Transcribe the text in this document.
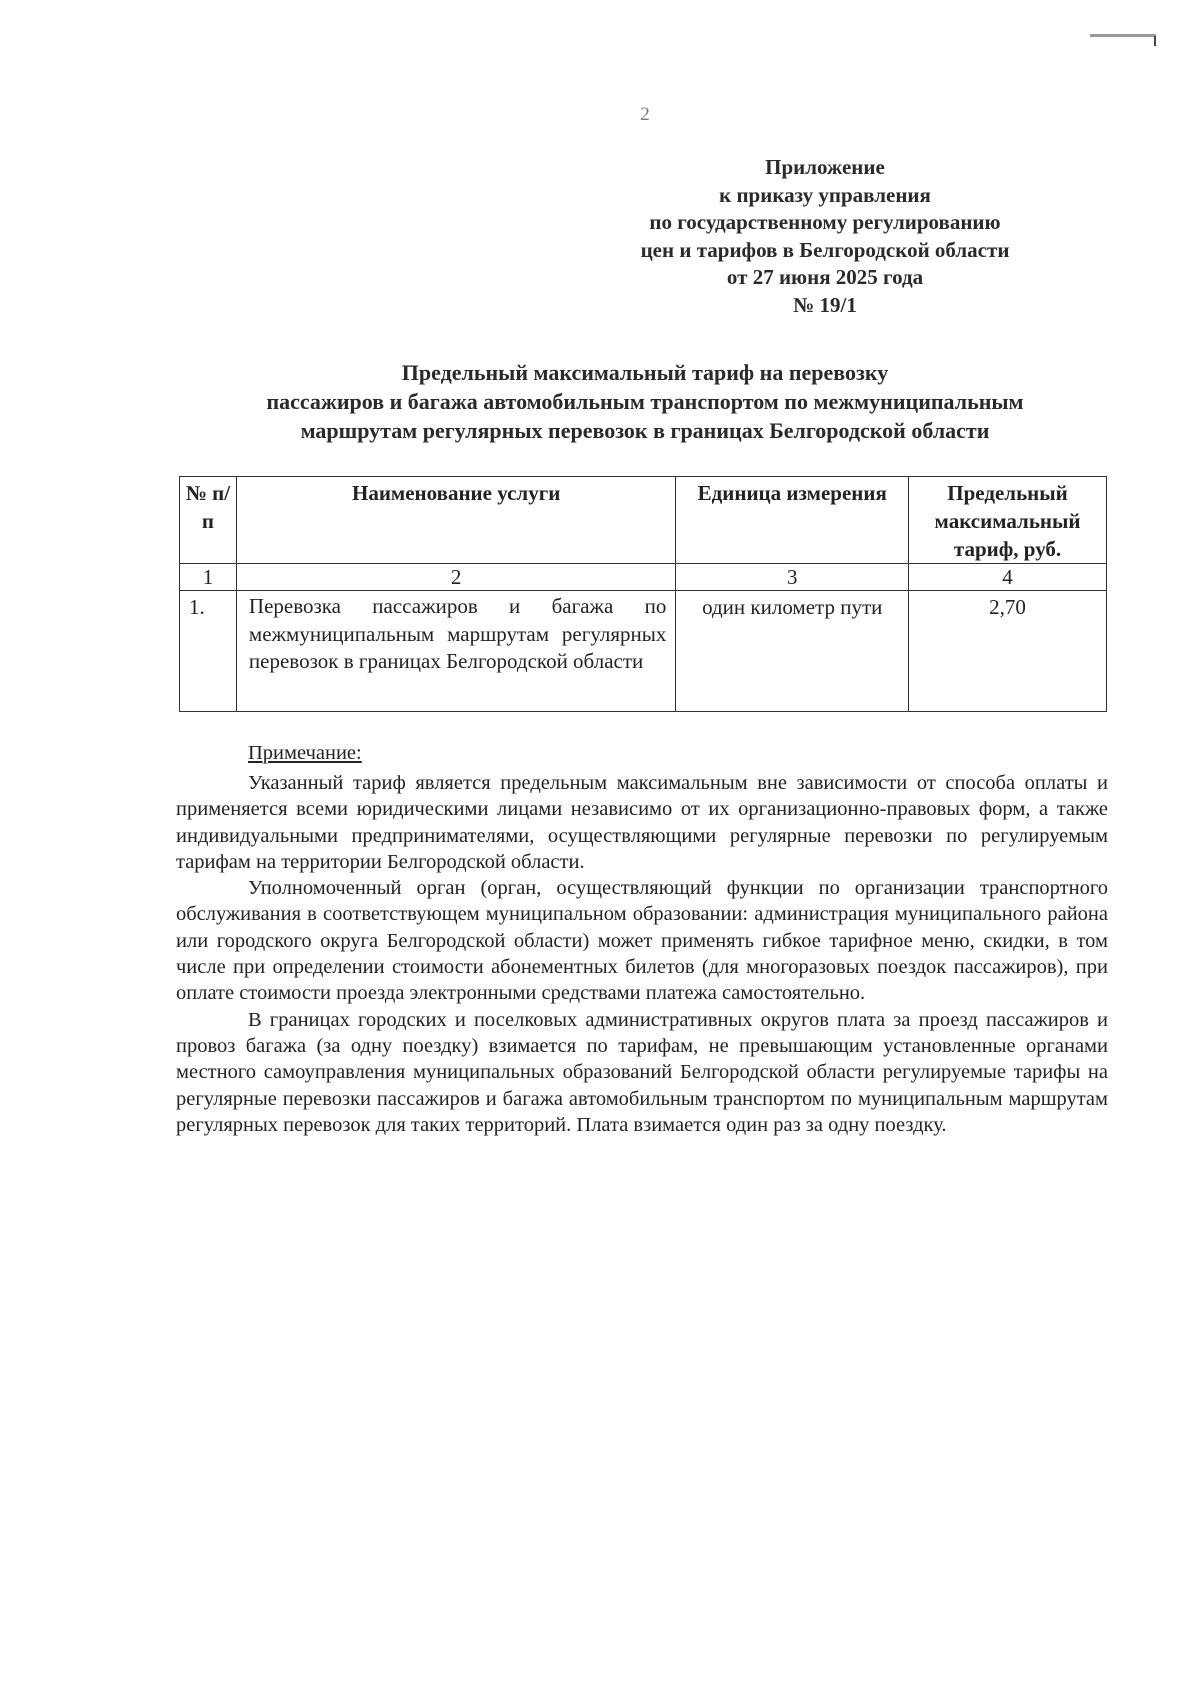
2
Приложение
к приказу управления
по государственному регулированию
цен и тарифов в Белгородской области
от 27 июня 2025 года
№ 19/1
Предельный максимальный тариф на перевозку
пассажиров и багажа автомобильным транспортом по межмуниципальным
маршрутам регулярных перевозок в границах Белгородской области
№ п/п	Наименование услуги	Единица измерения	Предельный максимальный тариф, руб.
1	2	3	4
1.	Перевозка пассажиров и багажа по межмуниципальным маршрутам регулярных перевозок в границах Белгородской области	один километр пути	2,70
Примечание:

Указанный тариф является предельным максимальным вне зависимости от способа оплаты и применяется всеми юридическими лицами независимо от их организационно-правовых форм, а также индивидуальными предпринимателями, осуществляющими регулярные перевозки по регулируемым тарифам на территории Белгородской области.

Уполномоченный орган (орган, осуществляющий функции по организации транспортного обслуживания в соответствующем муниципальном образовании: администрация муниципального района или городского округа Белгородской области) может применять гибкое тарифное меню, скидки, в том числе при определении стоимости абонементных билетов (для многоразовых поездок пассажиров), при оплате стоимости проезда электронными средствами платежа самостоятельно.

В границах городских и поселковых административных округов плата за проезд пассажиров и провоз багажа (за одну поездку) взимается по тарифам, не превышающим установленные органами местного самоуправления муниципальных образований Белгородской области регулируемые тарифы на регулярные перевозки пассажиров и багажа автомобильным транспортом по муниципальным маршрутам регулярных перевозок для таких территорий. Плата взимается один раз за одну поездку.
